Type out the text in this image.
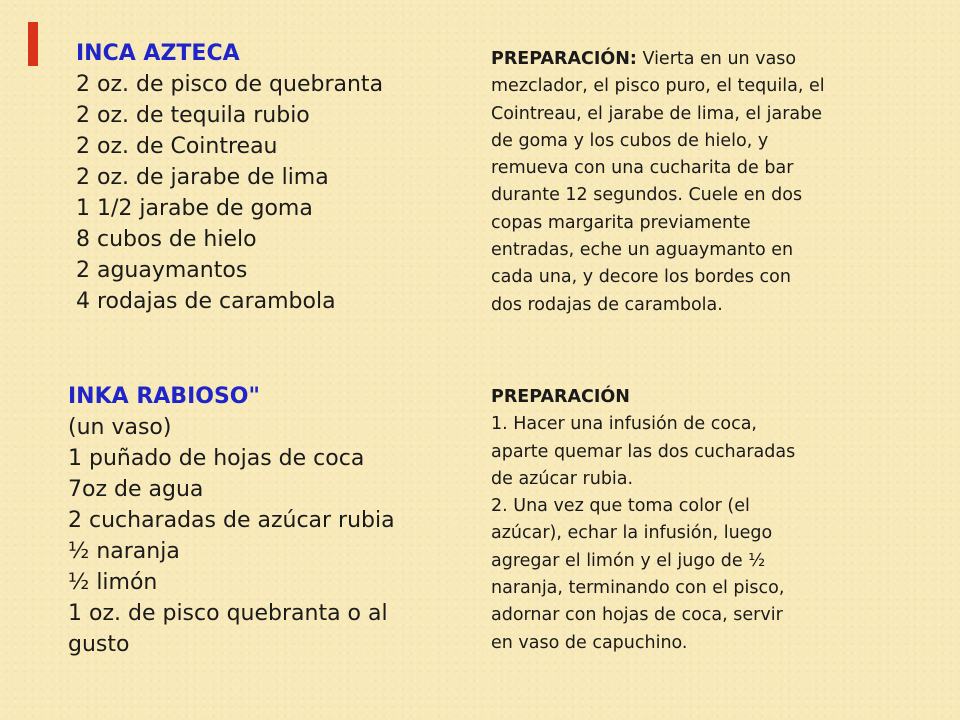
INCA AZTECA
2 oz. de pisco de quebranta
2 oz. de tequila rubio
2 oz. de Cointreau
2 oz. de jarabe de lima
1 1/2 jarabe de goma
8 cubos de hielo
2 aguaymantos
4 rodajas de carambola
PREPARACIÓN: Vierta en un vaso
mezclador, el pisco puro, el tequila, el
Cointreau, el jarabe de lima, el jarabe
de goma y los cubos de hielo, y
remueva con una cucharita de bar
durante 12 segundos. Cuele en dos
copas margarita previamente
entradas, eche un aguaymanto en
cada una, y decore los bordes con
dos rodajas de carambola.
INKA RABIOSO"
(un vaso)
1 puñado de hojas de coca
7oz de agua
2 cucharadas de azúcar rubia
½ naranja
½ limón
1 oz. de pisco quebranta o al
gusto
PREPARACIÓN
1. Hacer una infusión de coca,
aparte quemar las dos cucharadas
de azúcar rubia.
2. Una vez que toma color (el
azúcar), echar la infusión, luego
agregar el limón y el jugo de ½
naranja, terminando con el pisco,
adornar con hojas de coca, servir
en vaso de capuchino.
